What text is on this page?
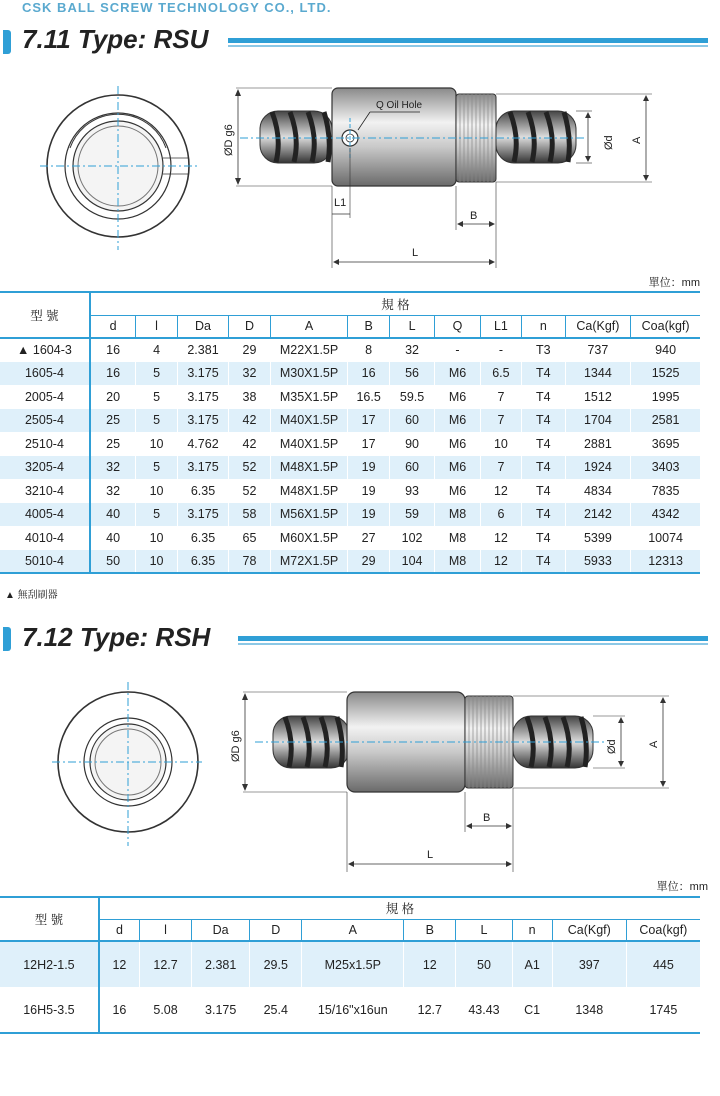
CSK BALL SCREW TECHNOLOGY CO., LTD.
7.11 Type: RSU
Q Oil Hole
ØD g6	Ød A
L1
B
L
單位：mm
型 號	規 格											
	d	l	Da	D	A	B	L	Q	L1	n	Ca(Kgf)	Coa(kgf)
▲ 1604-3	16	4	2.381	29	M22X1.5P	8	32	-	-	T3	737	940
1605-4	16	5	3.175	32	M30X1.5P	16	56	M6	6.5	T4	1344	1525
2005-4	20	5	3.175	38	M35X1.5P	16.5	59.5	M6	7	T4	1512	1995
2505-4	25	5	3.175	42	M40X1.5P	17	60	M6	7	T4	1704	2581
2510-4	25	10	4.762	42	M40X1.5P	17	90	M6	10	T4	2881	3695
3205-4	32	5	3.175	52	M48X1.5P	19	60	M6	7	T4	1924	3403
3210-4	32	10	6.35	52	M48X1.5P	19	93	M6	12	T4	4834	7835
4005-4	40	5	3.175	58	M56X1.5P	19	59	M8	6	T4	2142	4342
4010-4	40	10	6.35	65	M60X1.5P	27	102	M8	12	T4	5399	10074
5010-4	50	10	6.35	78	M72X1.5P	29	104	M8	12	T4	5933	12313
▲ 無刮刷器
7.12 Type: RSH
ØD g6	Ød	A
B
L
單位：mm
型 號	規 格									
	d	l	Da	D	A	B	L	n	Ca(Kgf)	Coa(kgf)
12H2-1.5	12	12.7	2.381	29.5	M25x1.5P	12	50	A1	397	445
16H5-3.5	16	5.08	3.175	25.4	15/16"x16un	12.7	43.43	C1	1348	1745
